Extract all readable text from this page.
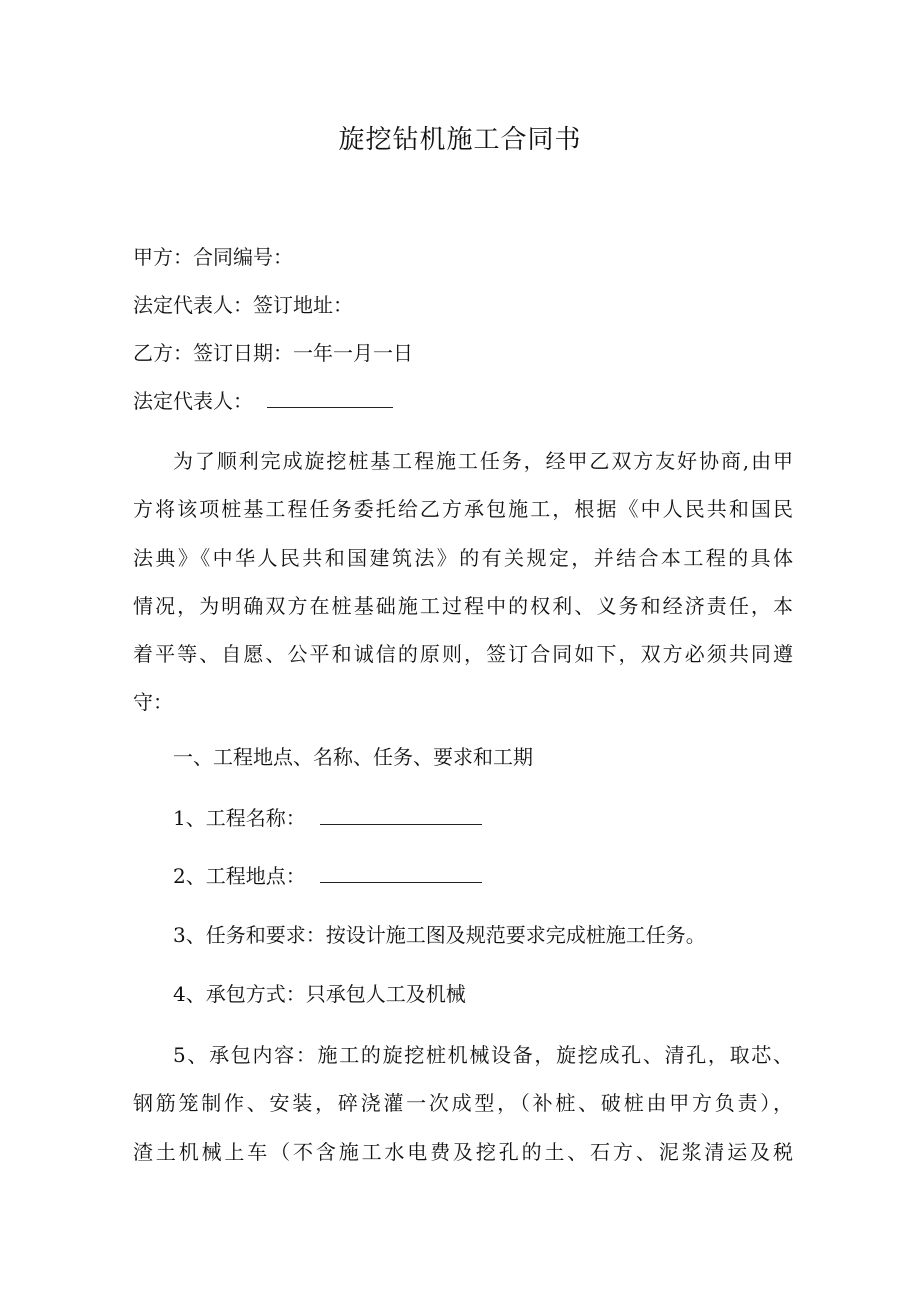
旋挖钻机施工合同书
甲方：合同编号：
法定代表人：签订地址：
乙方：签订日期：一年一月一日
法定代表人：
为了顺利完成旋挖桩基工程施工任务，经甲乙双方友好协商,由甲
方将该项桩基工程任务委托给乙方承包施工，根据《中人民共和国民
法典》《中华人民共和国建筑法》的有关规定，并结合本工程的具体
情况，为明确双方在桩基础施工过程中的权利、义务和经济责任，本
着平等、自愿、公平和诚信的原则，签订合同如下，双方必须共同遵
守：
一、工程地点、名称、任务、要求和工期
1、工程名称：
2、工程地点：
3、任务和要求：按设计施工图及规范要求完成桩施工任务。
4、承包方式：只承包人工及机械
5、承包内容：施工的旋挖桩机械设备，旋挖成孔、清孔，取芯、
钢筋笼制作、安装，碎浇灌一次成型，（补桩、破桩由甲方负责），
渣土机械上车（不含施工水电费及挖孔的土、石方、泥浆清运及税
